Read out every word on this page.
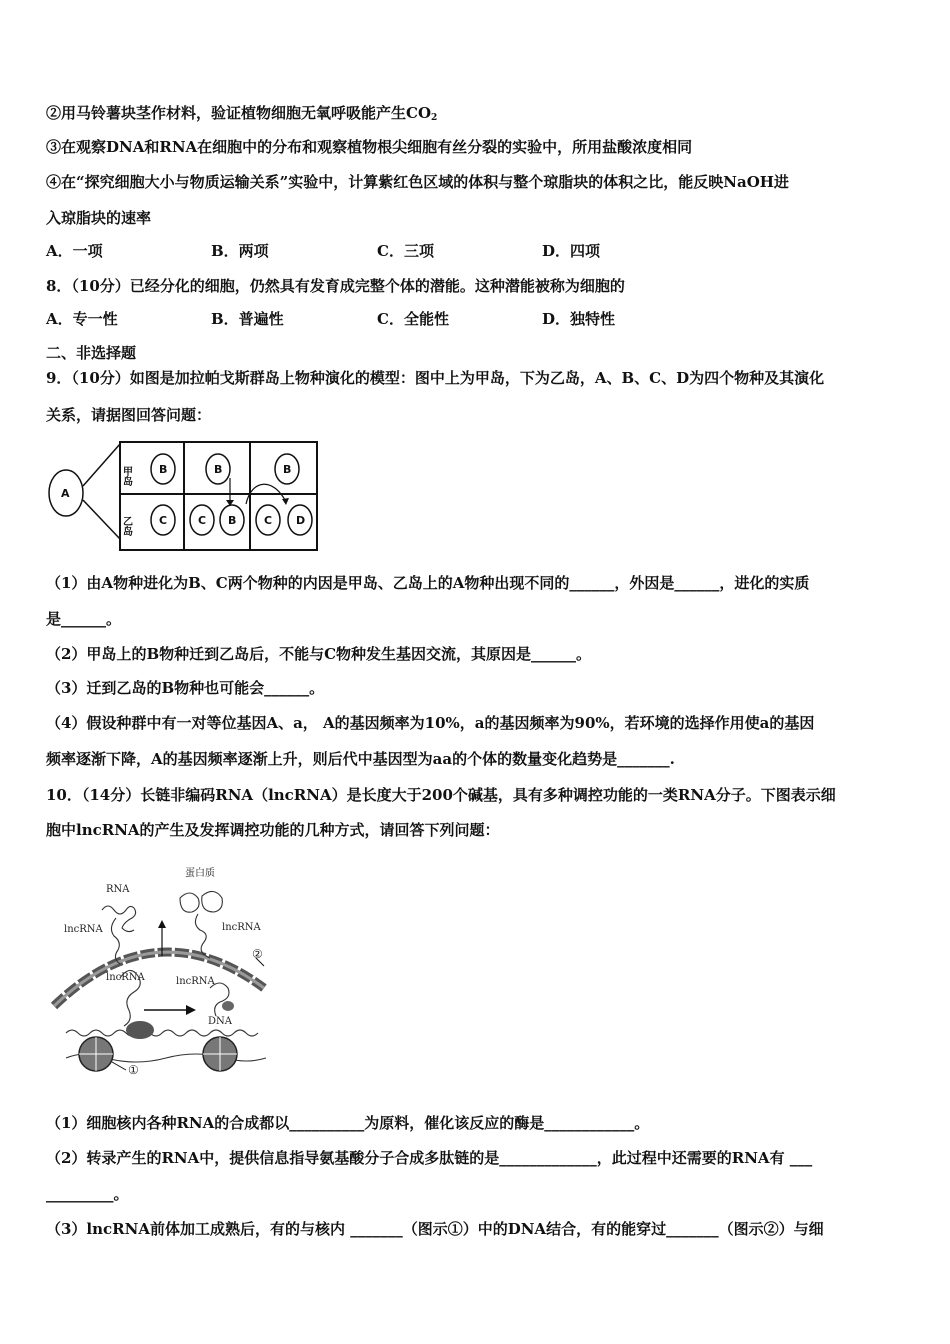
②用马铃薯块茎作材料，验证植物细胞无氧呼吸能产生$CO_2$
③在观察DNA和RNA在细胞中的分布和观察植物根尖细胞有丝分裂的实验中，所用盐酸浓度相同
④在“探究细胞大小与物质运输关系”实验中，计算紫红色区域的体积与整个琼脂块的体积之比，能反映NaOH进
入琼脂块的速率
A．一项	B．两项	C．三项	D．四项
8．（10分）已经分化的细胞，仍然具有发育成完整个体的潜能。这种潜能被称为细胞的
A．专一性	B．普遍性	C．全能性	D．独特性
二、非选择题
9．（10分）如图是加拉帕戈斯群岛上物种演化的模型：图中上为甲岛，下为乙岛，A、B、C、D为四个物种及其演化
关系，请据图回答问题：
A
甲岛
乙岛
B	B	B
C	C B	C D
（1）由A物种进化为B、C两个物种的内因是甲岛、乙岛上的A物种出现不同的______，外因是______，进化的实质
是______。
（2）甲岛上的B物种迁到乙岛后，不能与C物种发生基因交流，其原因是______。
（3）迁到乙岛的B物种也可能会______。
（4）假设种群中有一对等位基因A、a， A的基因频率为10%，a的基因频率为90%，若环境的选择作用使a的基因
频率逐渐下降，A的基因频率逐渐上升，则后代中基因型为aa的个体的数量变化趋势是_______.
10．（14分）长链非编码RNA（lncRNA）是长度大于200个碱基，具有多种调控功能的一类RNA分子。下图表示细
胞中lncRNA的产生及发挥调控功能的几种方式，请回答下列问题：
RNA
蛋白质
lncRNA	lncRNA
lncRNA	lncRNA
DNA
①
②
（1）细胞核内各种RNA的合成都以__________为原料，催化该反应的酶是____________。
（2）转录产生的RNA中，提供信息指导氨基酸分子合成多肽链的是_____________，此过程中还需要的RNA有 ___
_________。
（3）lncRNA前体加工成熟后，有的与核内 _______（图示①）中的DNA结合，有的能穿过_______（图示②）与细
